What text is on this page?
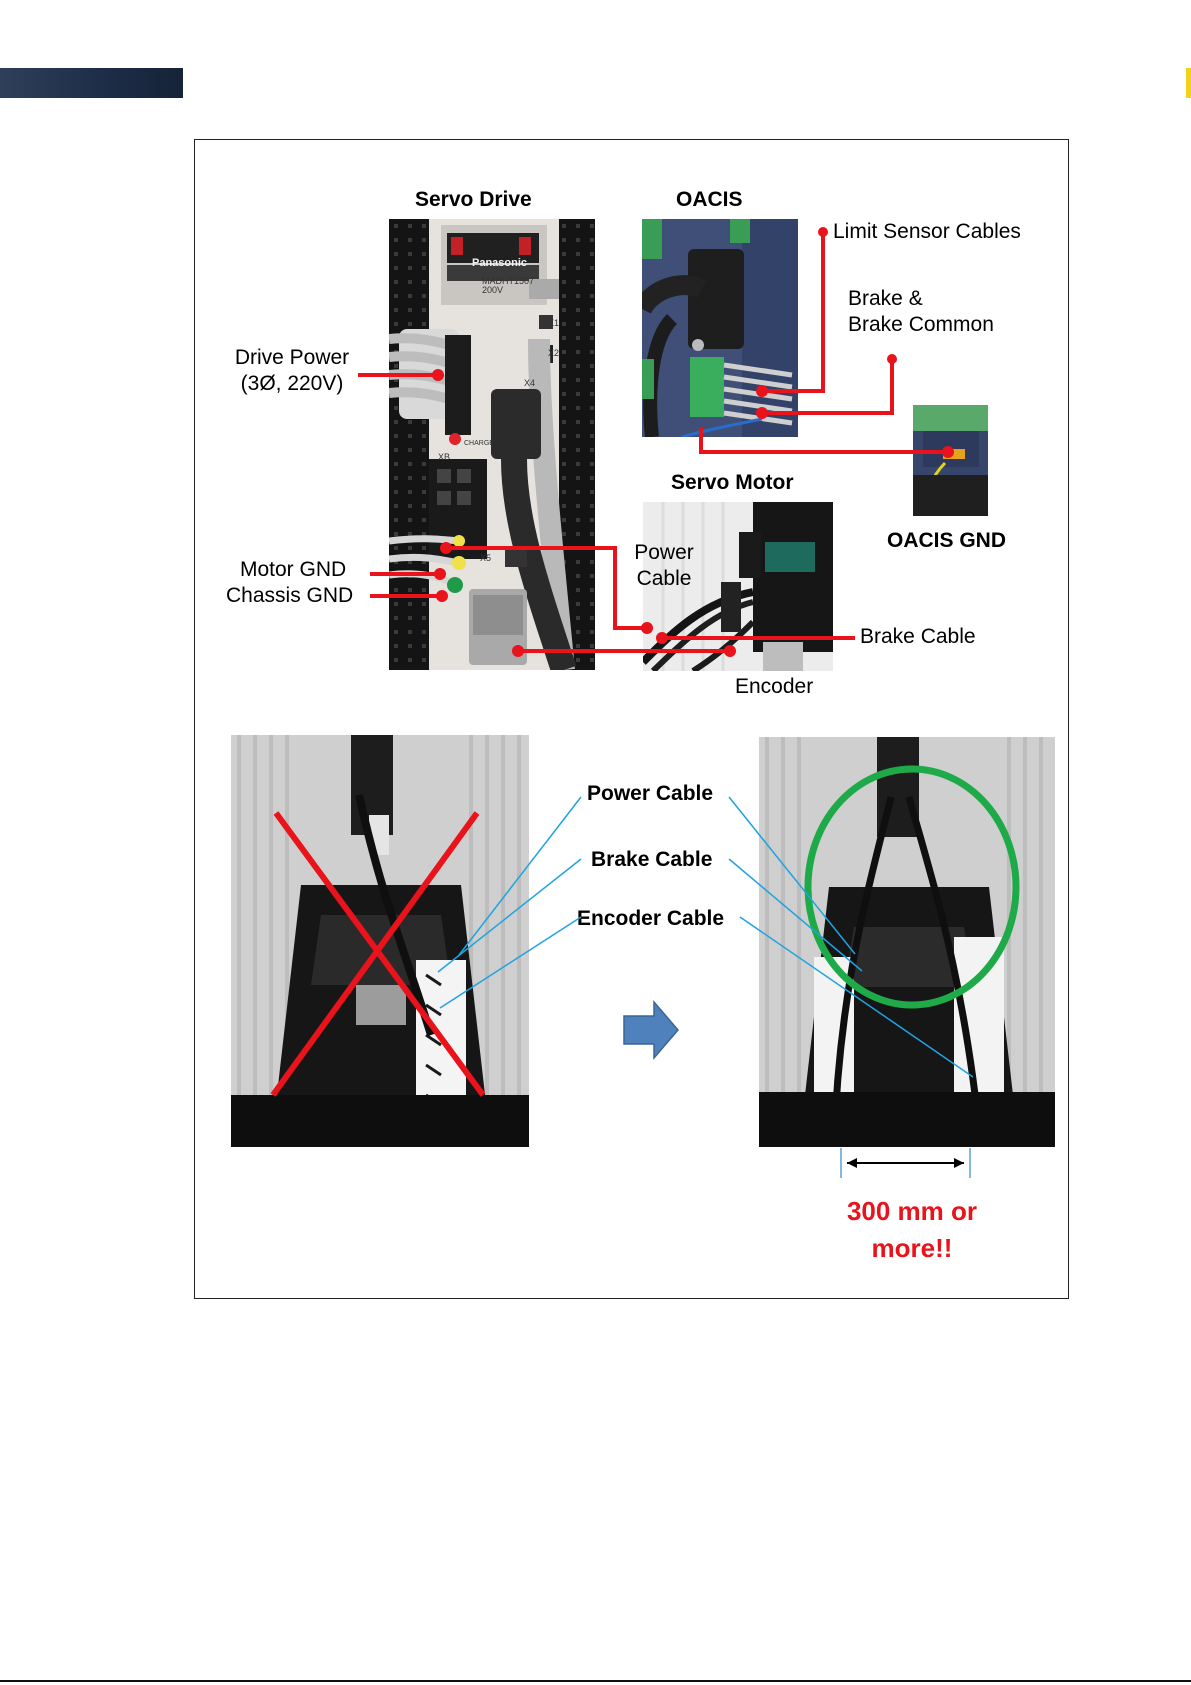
Servo Drive
Panasonic
MADHT1507
200V
X1
X2
X4
CHARGE
XB
X5
OACIS
Servo Motor
OACIS GND
Limit Sensor Cables
Brake &
Brake Common
Drive Power
(3Ø, 220V)
Motor GND
Chassis GND
Power
Cable
Brake Cable
Encoder
Power Cable
Brake Cable
Encoder Cable
300 mm or
more!!
